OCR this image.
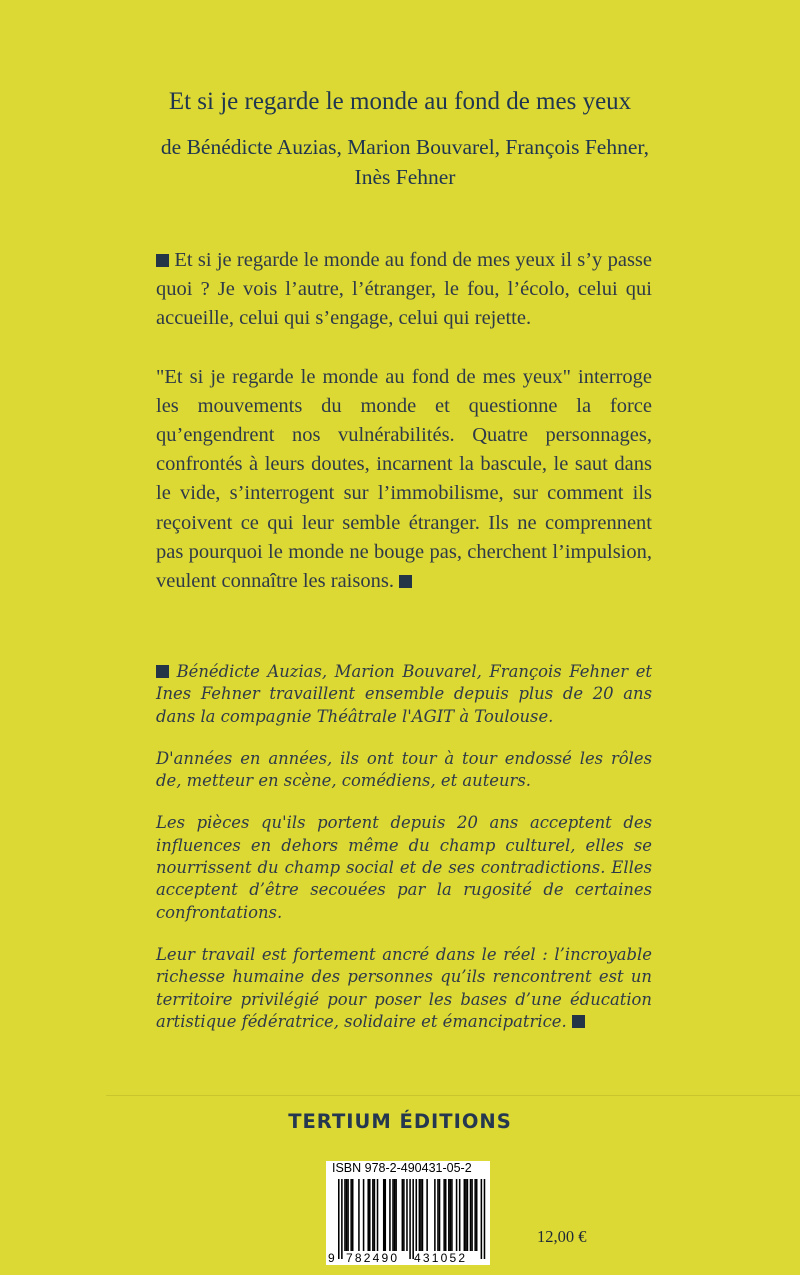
Et si je regarde le monde au fond de mes yeux
de Bénédicte Auzias, Marion Bouvarel, François Fehner, Inès Fehner

Et si je regarde le monde au fond de mes yeux il s’y passe quoi ? Je vois l’autre, l’étranger, le fou, l’écolo, celui qui accueille, celui qui s’engage, celui qui rejette.

"Et si je regarde le monde au fond de mes yeux" interroge les mouvements du monde et questionne la force qu’engendrent nos vulnérabilités. Quatre personnages, confrontés à leurs doutes, incarnent la bascule, le saut dans le vide, s’interrogent sur l’immobilisme, sur comment ils reçoivent ce qui leur semble étranger. Ils ne comprennent pas pourquoi le monde ne bouge pas, cherchent l’impulsion, veulent connaître les raisons.

Bénédicte Auzias, Marion Bouvarel, François Fehner et Ines Fehner travaillent ensemble depuis plus de 20 ans dans la compagnie Théâtrale l'AGIT à Toulouse.

D'années en années, ils ont tour à tour endossé les rôles de, metteur en scène, comédiens, et auteurs.

Les pièces qu'ils portent depuis 20 ans acceptent des influences en dehors même du champ culturel, elles se nourrissent du champ social et de ses contradictions. Elles acceptent d’être secouées par la rugosité de certaines confrontations.

Leur travail est fortement ancré dans le réel : l’incroyable richesse humaine des personnes qu’ils rencontrent est un territoire privilégié pour poser les bases d’une éducation artistique fédératrice, solidaire et émancipatrice.

TERTIUM ÉDITIONS
ISBN 978-2-490431-05-2
9 782490 431052
12,00 €
